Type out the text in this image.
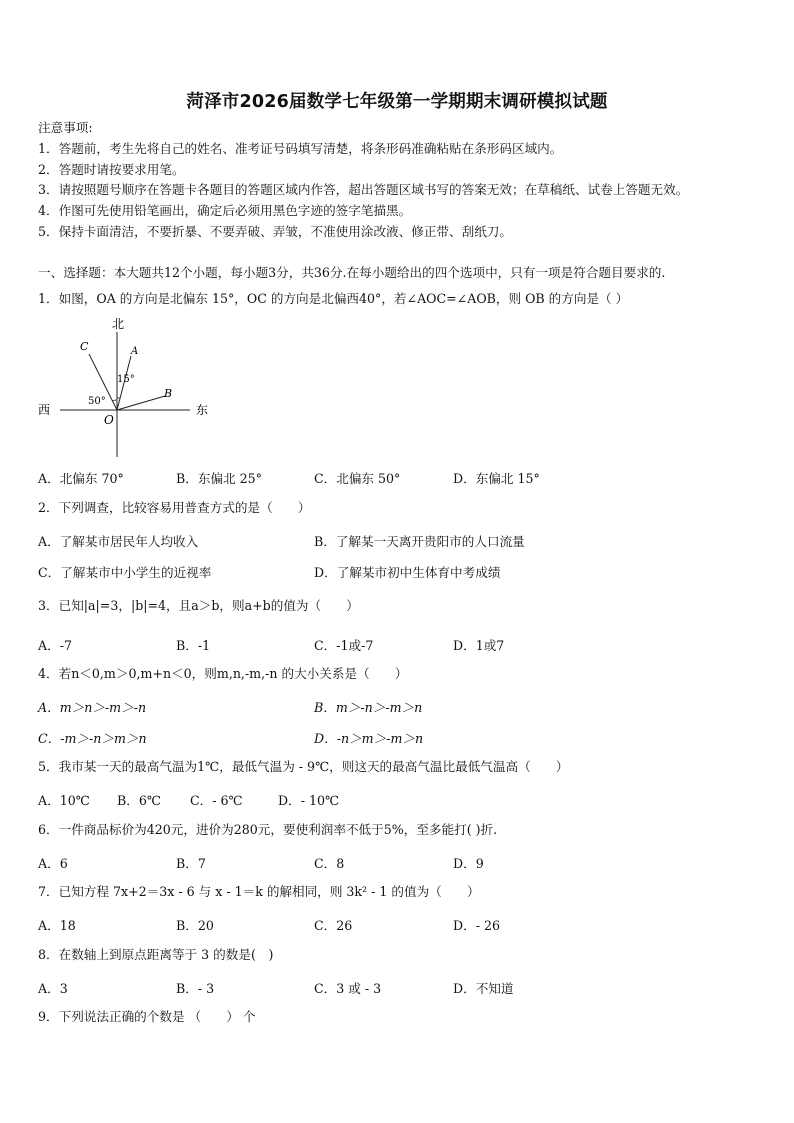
菏泽市2026届数学七年级第一学期期末调研模拟试题
注意事项:
1．答题前，考生先将自己的姓名、准考证号码填写清楚，将条形码准确粘贴在条形码区域内。
2．答题时请按要求用笔。
3．请按照题号顺序在答题卡各题目的答题区域内作答，超出答题区域书写的答案无效；在草稿纸、试卷上答题无效。
4．作图可先使用铅笔画出，确定后必须用黑色字迹的签字笔描黑。
5．保持卡面清洁，不要折暴、不要弄破、弄皱，不准使用涂改液、修正带、刮纸刀。
一、选择题：本大题共12个小题，每小题3分，共36分.在每小题给出的四个选项中，只有一项是符合题目要求的.
1．如图，OA 的方向是北偏东 15°，OC 的方向是北偏西40°，若∠AOC=∠AOB，则 OB 的方向是（ ）
北
西	东
O
C	A
B
50°
15°
A．北偏东 70°	B．东偏北 25°	C．北偏东 50°	D．东偏北 15°
2．下列调查，比较容易用普查方式的是（　　）
A．了解某市居民年人均收入	B．了解某一天离开贵阳市的人口流量
C．了解某市中小学生的近视率	D．了解某市初中生体育中考成绩
3．已知|a|=3，|b|=4，且a＞b，则a+b的值为（　　）
A．-7	B．-1	C．-1或-7	D．1或7
4．若n＜0,m＞0,m+n＜0，则m,n,-m,-n 的大小关系是（　　）
A．m＞n＞-m＞-n	B．m＞-n＞-m＞n
C．-m＞-n＞m＞n	D．-n＞m＞-m＞n
5．我市某一天的最高气温为1℃，最低气温为 - 9℃，则这天的最高气温比最低气温高（　　）
A．10℃ B．6℃ C．- 6℃	D．- 10℃
6．一件商品标价为420元，进价为280元，要使利润率不低于5%，至多能打( )折.
A．6	B．7	C．8	D．9
7．已知方程 7x+2＝3x - 6 与 x - 1＝k 的解相同，则 3k² - 1 的值为（　　）
A．18	B．20	C．26	D．- 26
8．在数轴上到原点距离等于 3 的数是(　)
A．3	B．- 3	C．3 或 - 3	D．不知道
9．下列说法正确的个数是 （　　） 个
